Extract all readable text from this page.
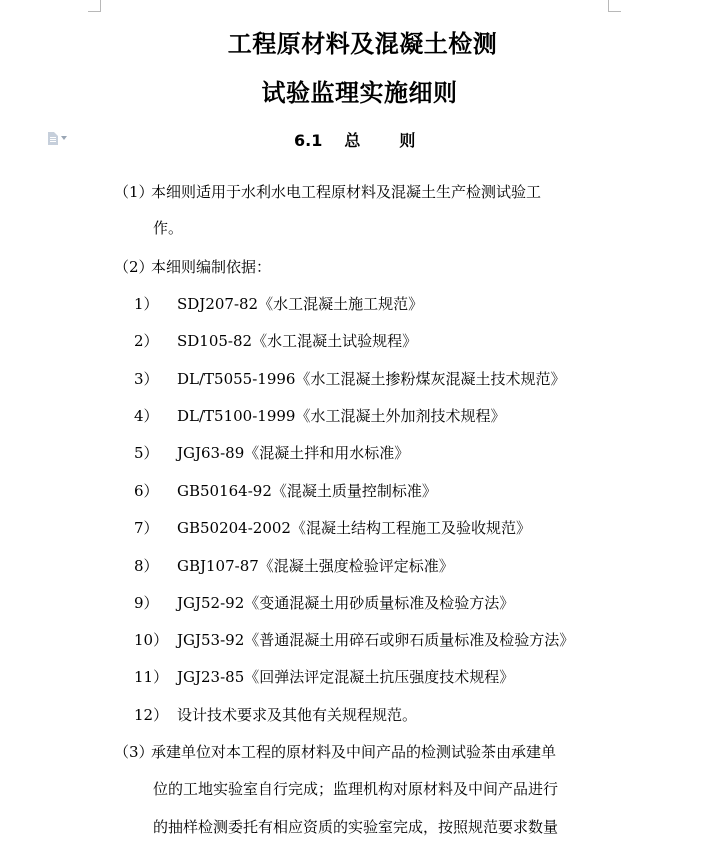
工程原材料及混凝土检测
试验监理实施细则
6.1 总则
（1）本细则适用于水利水电工程原材料及混凝土生产检测试验工
作。
（2）本细则编制依据：
1） SDJ207-82《水工混凝土施工规范》
2） SD105-82《水工混凝土试验规程》
3） DL/T5055-1996《水工混凝土掺粉煤灰混凝土技术规范》
4） DL/T5100-1999《水工混凝土外加剂技术规程》
5） JGJ63-89《混凝土拌和用水标准》
6） GB50164-92《混凝土质量控制标准》
7） GB50204-2002《混凝土结构工程施工及验收规范》
8） GBJ107-87《混凝土强度检验评定标准》
9） JGJ52-92《变通混凝土用砂质量标准及检验方法》
10） JGJ53-92《普通混凝土用碎石或卵石质量标准及检验方法》
11） JGJ23-85《回弹法评定混凝土抗压强度技术规程》
12） 设计技术要求及其他有关规程规范。
（3）承建单位对本工程的原材料及中间产品的检测试验茶由承建单
位的工地实验室自行完成；监理机构对原材料及中间产品进行
的抽样检测委托有相应资质的实验室完成，按照规范要求数量
